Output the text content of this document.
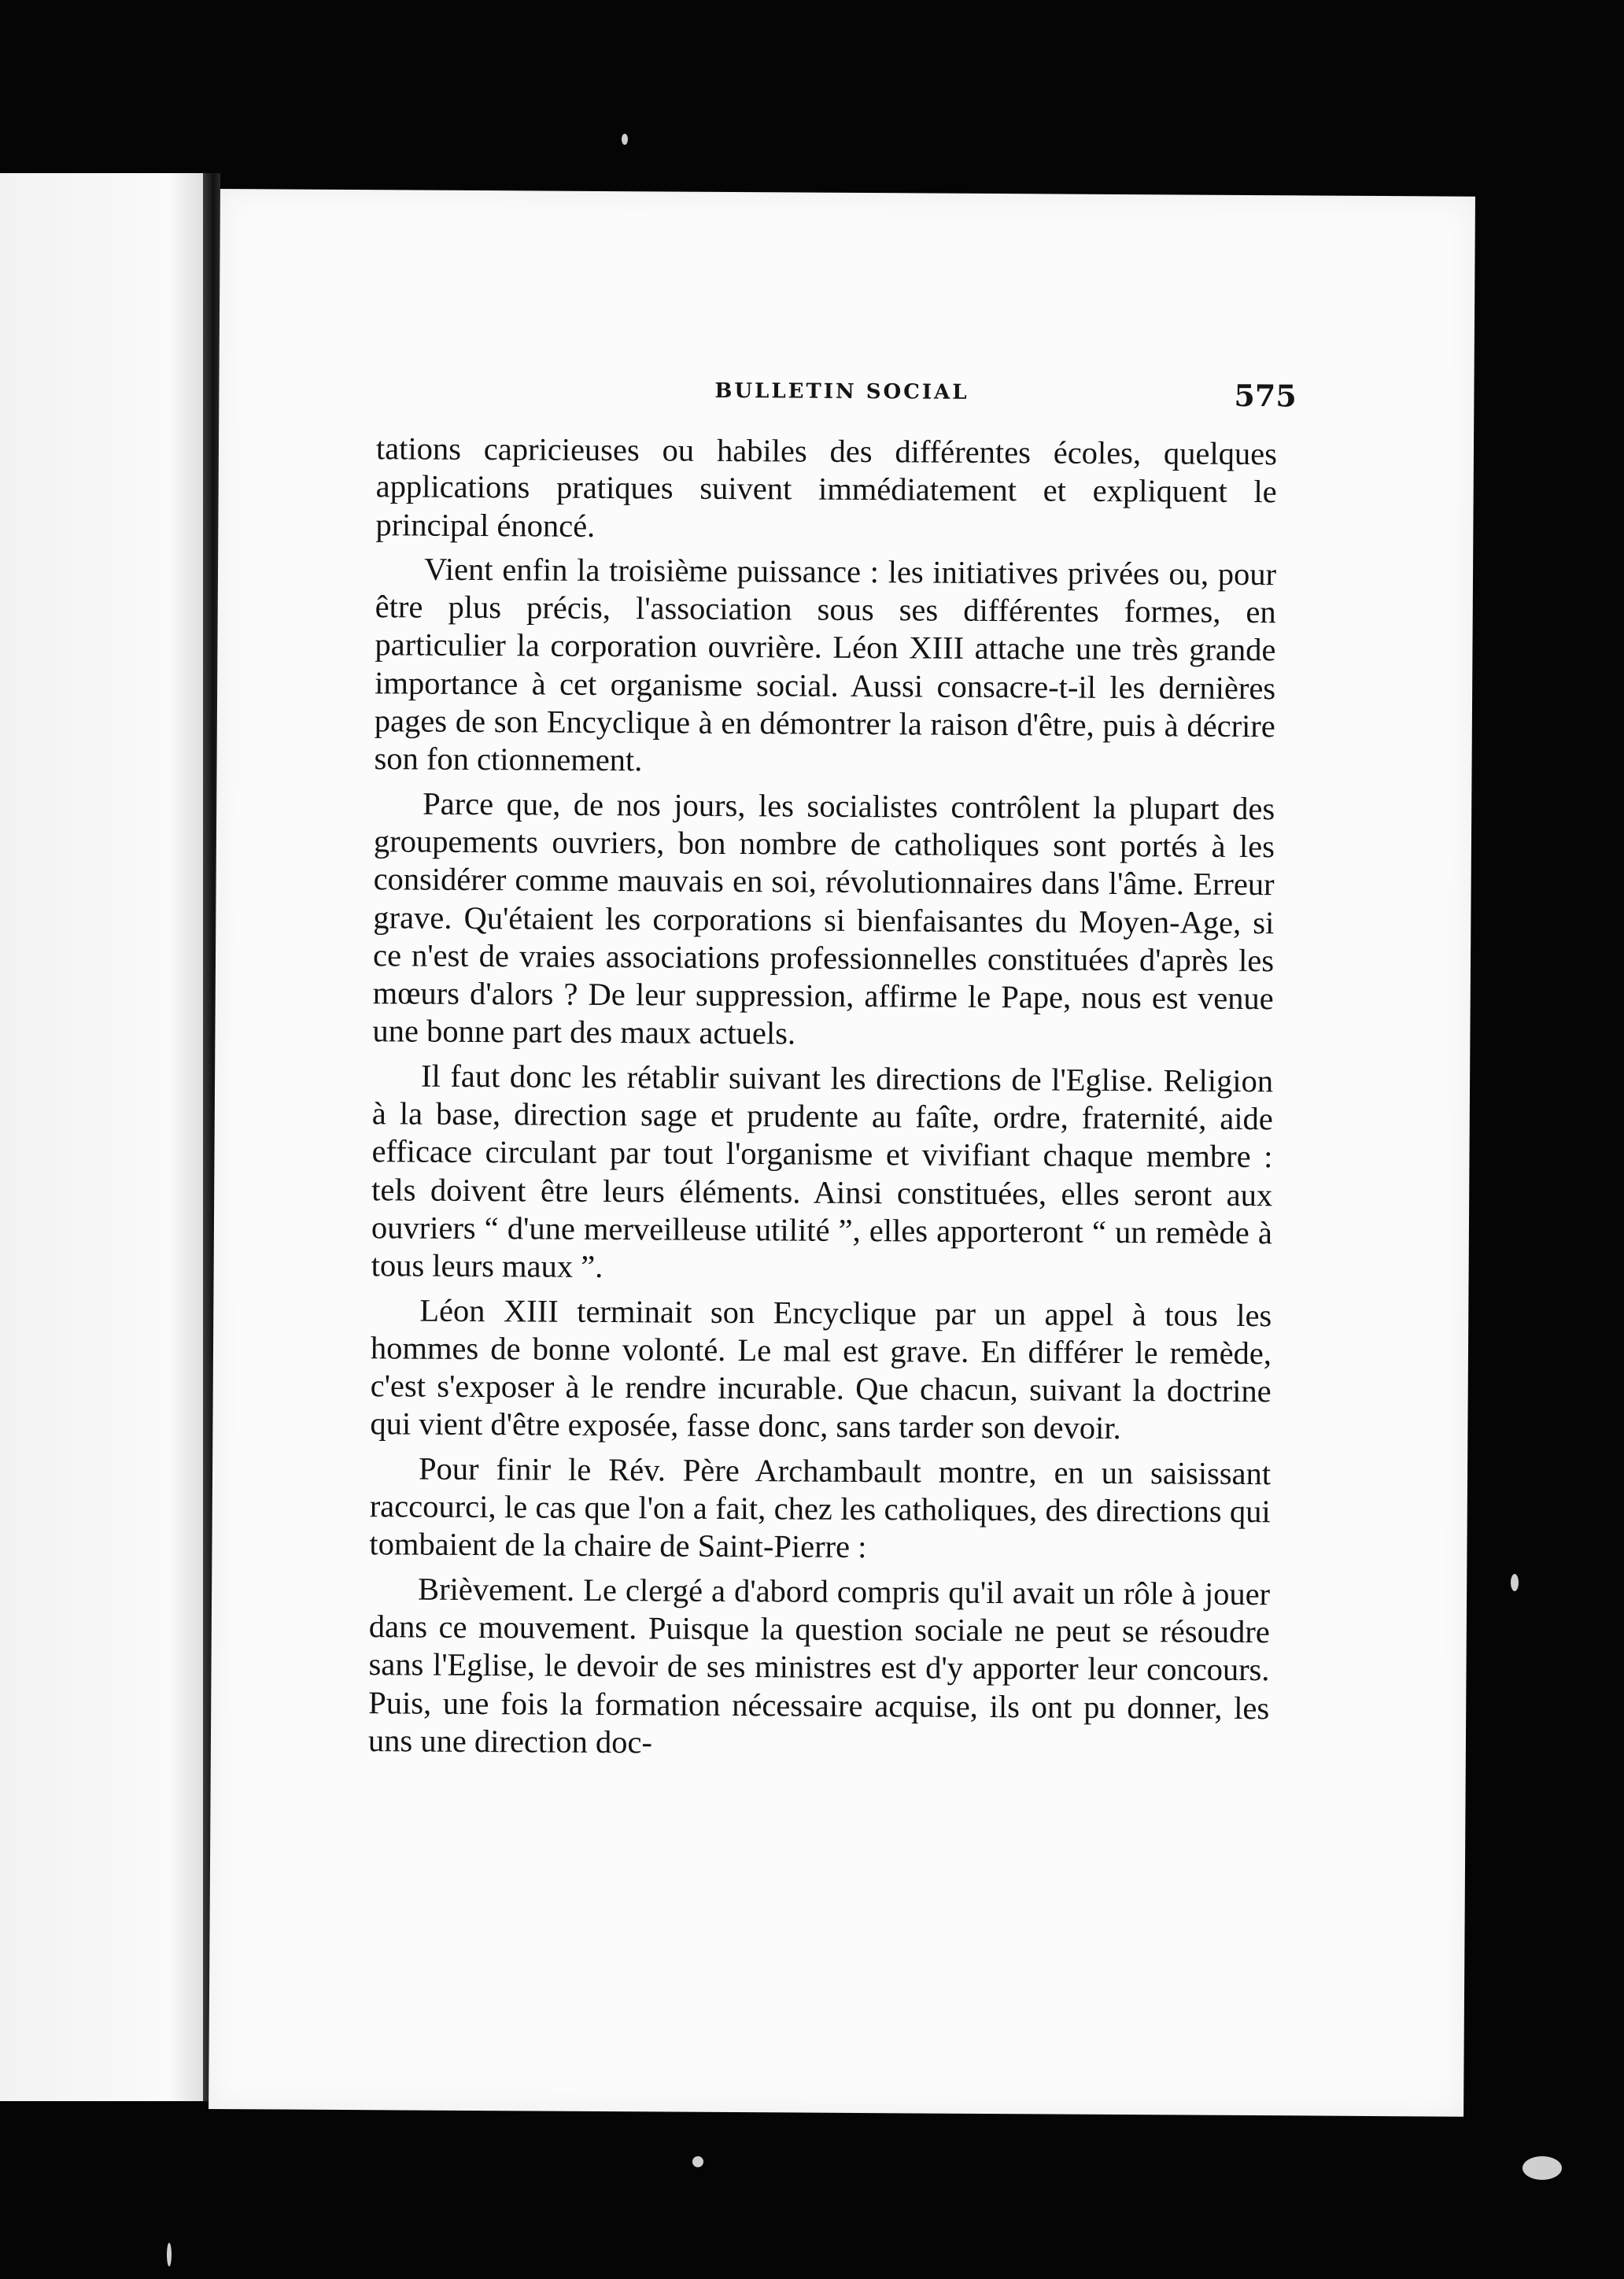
BULLETIN SOCIAL	575

tations capricieuses ou habiles des différentes écoles, quelques applications pratiques suivent immédiatement et expliquent le principal énoncé.

Vient enfin la troisième puissance : les initiatives privées ou, pour être plus précis, l'association sous ses différentes formes, en particulier la corporation ouvrière. Léon XIII attache une très grande importance à cet organisme social. Aussi consacre-t-il les dernières pages de son Encyclique à en démontrer la raison d'être, puis à décrire son fon ctionnement.

Parce que, de nos jours, les socialistes contrôlent la plupart des groupements ouvriers, bon nombre de catholiques sont portés à les considérer comme mauvais en soi, révolutionnaires dans l'âme. Erreur grave. Qu'étaient les corporations si bienfaisantes du Moyen-Age, si ce n'est de vraies associations professionnelles constituées d'après les mœurs d'alors ? De leur suppression, affirme le Pape, nous est venue une bonne part des maux actuels.

Il faut donc les rétablir suivant les directions de l'Eglise. Religion à la base, direction sage et prudente au faîte, ordre, fraternité, aide efficace circulant par tout l'organisme et vivifiant chaque membre : tels doivent être leurs éléments. Ainsi constituées, elles seront aux ouvriers “ d'une merveilleuse utilité ”, elles apporteront “ un remède à tous leurs maux ”.

Léon XIII terminait son Encyclique par un appel à tous les hommes de bonne volonté. Le mal est grave. En différer le remède, c'est s'exposer à le rendre incurable. Que chacun, suivant la doctrine qui vient d'être exposée, fasse donc, sans tarder son devoir.

Pour finir le Rév. Père Archambault montre, en un saisissant raccourci, le cas que l'on a fait, chez les catholiques, des directions qui tombaient de la chaire de Saint-Pierre :

Brièvement. Le clergé a d'abord compris qu'il avait un rôle à jouer dans ce mouvement. Puisque la question sociale ne peut se résoudre sans l'Eglise, le devoir de ses ministres est d'y apporter leur concours. Puis, une fois la formation nécessaire acquise, ils ont pu donner, les uns une direction doc-
